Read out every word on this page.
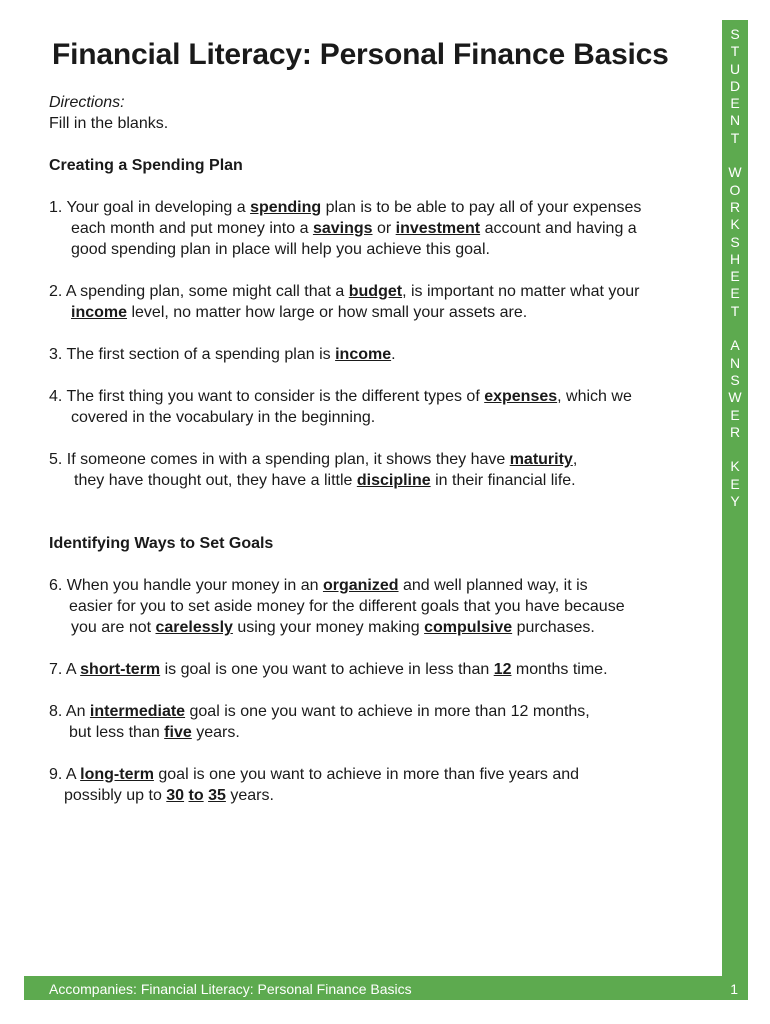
Financial Literacy: Personal Finance Basics

Directions:

Fill in the blanks.

Creating a Spending Plan

1. Your goal in developing a spending plan is to be able to pay all of your expenses

each month and put money into a savings or investment account and having a

good spending plan in place will help you achieve this goal.

2. A spending plan, some might call that a budget, is important no matter what your

income level, no matter how large or how small your assets are.

3. The first section of a spending plan is income.

4. The first thing you want to consider is the different types of expenses, which we

covered in the vocabulary in the beginning.

5. If someone comes in with a spending plan, it shows they have maturity,

they have thought out, they have a little discipline in their financial life.

Identifying Ways to Set Goals

6. When you handle your money in an organized and well planned way, it is

easier for you to set aside money for the different goals that you have because

you are not carelessly using your money making compulsive purchases.

7. A short-term is goal is one you want to achieve in less than 12 months time.

8. An intermediate goal is one you want to achieve in more than 12 months,

but less than five years.

9. A long-term goal is one you want to achieve in more than five years and

possibly up to 30 to 35 years.

S
T
U
D
E
N
T
W
O
R
K
S
H
E
E
T
A
N
S
W
E
R
K
E
Y
Accompanies: Financial Literacy: Personal Finance Basics	1
